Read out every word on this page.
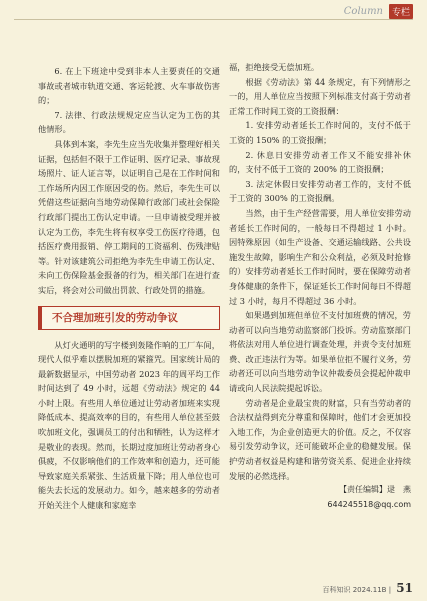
Column 专栏

6. 在上下班途中受到非本人主要责任的交通事故或者城市轨道交通、客运轮渡、火车事故伤害的；

7. 法律、行政法规规定应当认定为工伤的其他情形。

具体到本案，李先生应当先收集并整理好相关证据，包括但不限于工作证明、医疗记录、事故现场照片、证人证言等，以证明自己是在工作时间和工作场所内因工作原因受的伤。然后，李先生可以凭借这些证据向当地劳动保障行政部门或社会保险行政部门提出工伤认定申请。一旦申请被受理并被认定为工伤，李先生将有权享受工伤医疗待遇，包括医疗费用报销、停工期间的工资福利、伤残津贴等。针对该建筑公司拒绝为李先生申请工伤认定、未向工伤保险基金报备的行为，相关部门在进行查实后，将会对公司做出罚款、行政处罚的措施。

不合理加班引发的劳动争议

从灯火通明的写字楼到轰隆作响的工厂车间，现代人似乎难以摆脱加班的紧箍咒。国家统计局的最新数据显示，中国劳动者 2023 年的周平均工作时间达到了 49 小时，远超《劳动法》规定的 44 小时上限。有些用人单位通过让劳动者加班来实现降低成本、提高效率的目的，有些用人单位甚至鼓吹加班文化，强调员工的付出和牺牲，认为这样才是敬业的表现。然而，长期过度加班让劳动者身心俱疲，不仅影响他们的工作效率和创造力，还可能导致家庭关系紧张、生活质量下降；用人单位也可能失去长远的发展动力。如今，越来越多的劳动者开始关注个人健康和家庭幸

福，拒绝接受无偿加班。

根据《劳动法》第 44 条规定，有下列情形之一的，用人单位应当按照下列标准支付高于劳动者正常工作时间工资的工资报酬：

1. 安排劳动者延长工作时间的，支付不低于工资的 150% 的工资报酬；

2. 休息日安排劳动者工作又不能安排补休的，支付不低于工资的 200% 的工资报酬；

3. 法定休假日安排劳动者工作的，支付不低于工资的 300% 的工资报酬。

当然，由于生产经营需要，用人单位安排劳动者延长工作时间的，一般每日不得超过 1 小时。因特殊原因（如生产设备、交通运输线路、公共设施发生故障，影响生产和公众利益，必须及时抢修的）安排劳动者延长工作时间时，要在保障劳动者身体健康的条件下，保证延长工作时间每日不得超过 3 小时，每月不得超过 36 小时。

如果遇到加班但单位不支付加班费的情况，劳动者可以向当地劳动监察部门投诉。劳动监察部门将依法对用人单位进行调查处理，并责令支付加班费、改正违法行为等。如果单位拒不履行义务，劳动者还可以向当地劳动争议仲裁委员会提起仲裁申请或向人民法院提起诉讼。

劳动者是企业最宝贵的财富，只有当劳动者的合法权益得到充分尊重和保障时，他们才会更加投入地工作，为企业创造更大的价值。反之，不仅容易引发劳动争议，还可能破坏企业的稳健发展。保护劳动者权益是构建和谐劳资关系、促进企业持续发展的必然选择。

【责任编辑】逯　燕

644245518@qq.com

百科知识 2024.11B | 51
